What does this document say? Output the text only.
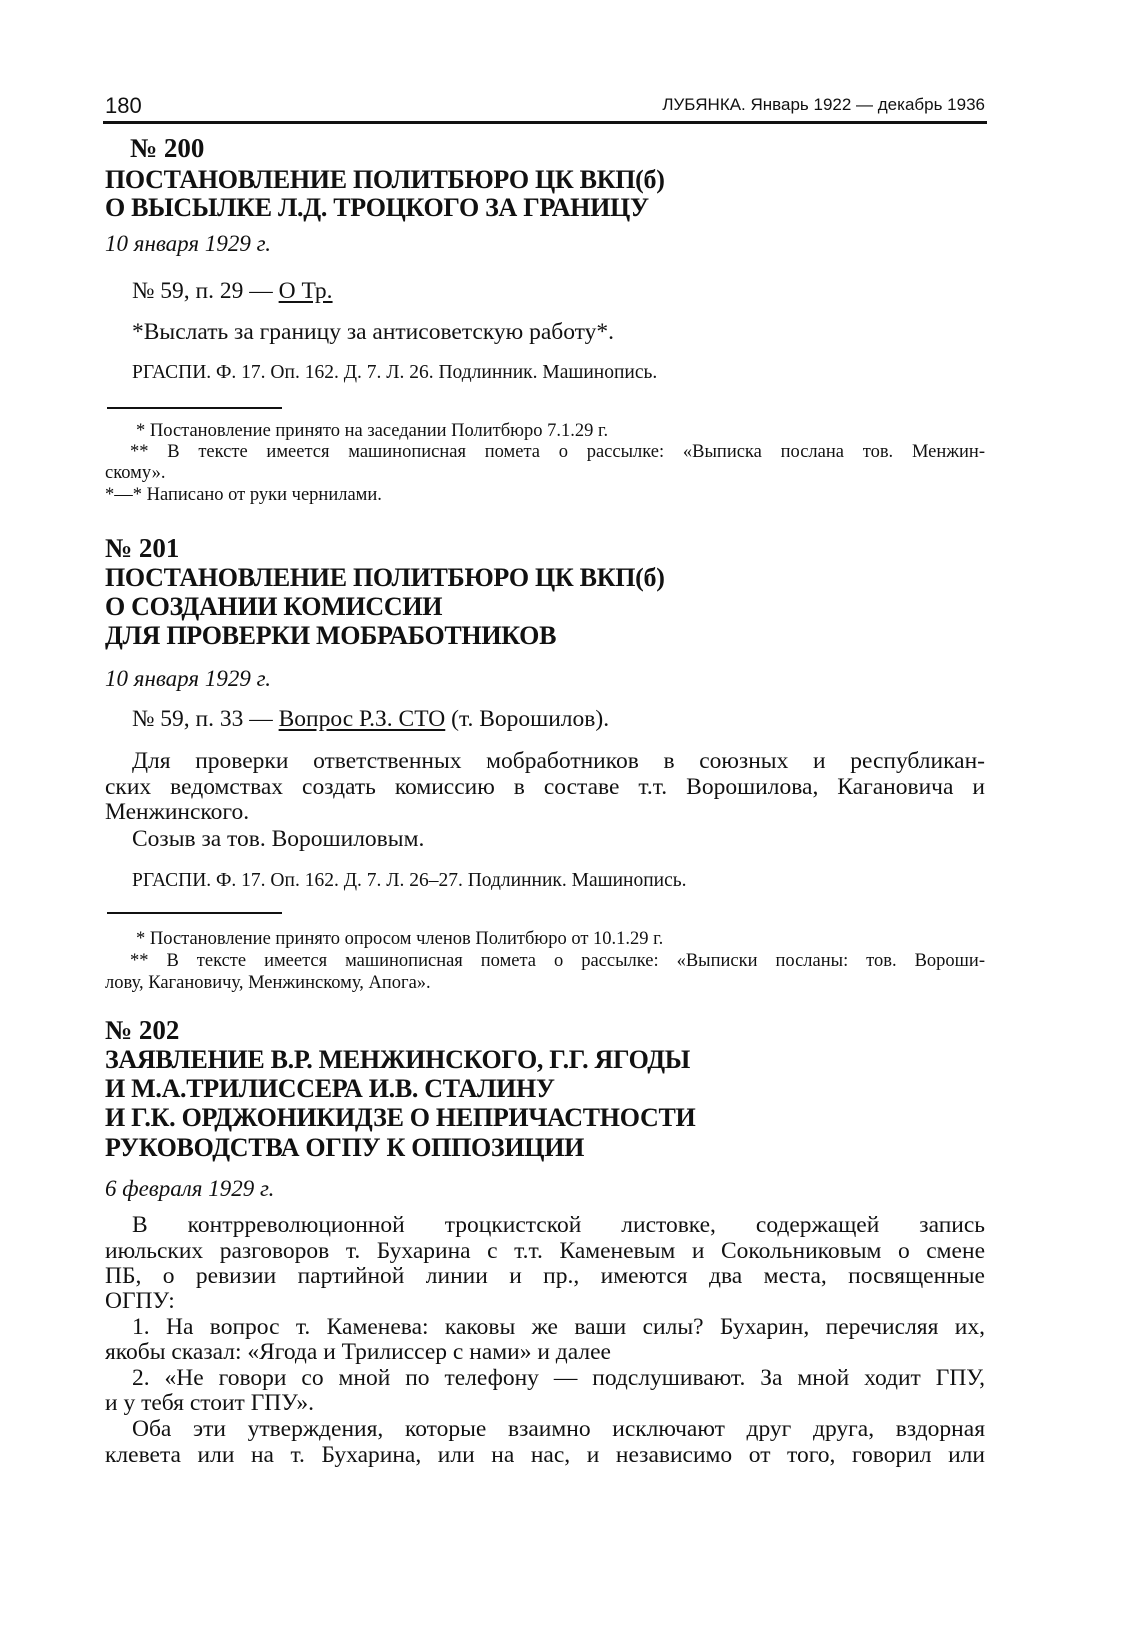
180	ЛУБЯНКА. Январь 1922 — декабрь 1936
№ 200
ПОСТАНОВЛЕНИЕ ПОЛИТБЮРО ЦК ВКП(б)
О ВЫСЫЛКЕ Л.Д. ТРОЦКОГО ЗА ГРАНИЦУ
10 января 1929 г.
№ 59, п. 29 — О Тр.
*Выслать за границу за антисоветскую работу*.
РГАСПИ. Ф. 17. Оп. 162. Д. 7. Л. 26. Подлинник. Машинопись.
* Постановление принято на заседании Политбюро 7.1.29 г.
** В тексте имеется машинописная помета о рассылке: «Выписка послана тов. Менжин-
скому».
*—* Написано от руки чернилами.
№ 201
ПОСТАНОВЛЕНИЕ ПОЛИТБЮРО ЦК ВКП(б)
О СОЗДАНИИ КОМИССИИ
ДЛЯ ПРОВЕРКИ МОБРАБОТНИКОВ
10 января 1929 г.
№ 59, п. 33 — Вопрос Р.З. СТО (т. Ворошилов).
Для проверки ответственных мобработников в союзных и республикан-
ских ведомствах создать комиссию в составе т.т. Ворошилова, Кагановича и
Менжинского.
Созыв за тов. Ворошиловым.
РГАСПИ. Ф. 17. Оп. 162. Д. 7. Л. 26–27. Подлинник. Машинопись.
* Постановление принято опросом членов Политбюро от 10.1.29 г.
** В тексте имеется машинописная помета о рассылке: «Выписки посланы: тов. Вороши-
лову, Кагановичу, Менжинскому, Апога».
№ 202
ЗАЯВЛЕНИЕ В.Р. МЕНЖИНСКОГО, Г.Г. ЯГОДЫ
И М.А.ТРИЛИССЕРА И.В. СТАЛИНУ
И Г.К. ОРДЖОНИКИДЗЕ О НЕПРИЧАСТНОСТИ
РУКОВОДСТВА ОГПУ К ОППОЗИЦИИ
6 февраля 1929 г.
В контрреволюционной троцкистской листовке, содержащей запись
июльских разговоров т. Бухарина с т.т. Каменевым и Сокольниковым о смене
ПБ, о ревизии партийной линии и пр., имеются два места, посвященные
ОГПУ:
1. На вопрос т. Каменева: каковы же ваши силы? Бухарин, перечисляя их,
якобы сказал: «Ягода и Трилиссер с нами» и далее
2. «Не говори со мной по телефону — подслушивают. За мной ходит ГПУ,
и у тебя стоит ГПУ».
Оба эти утверждения, которые взаимно исключают друг друга, вздорная
клевета или на т. Бухарина, или на нас, и независимо от того, говорил или
